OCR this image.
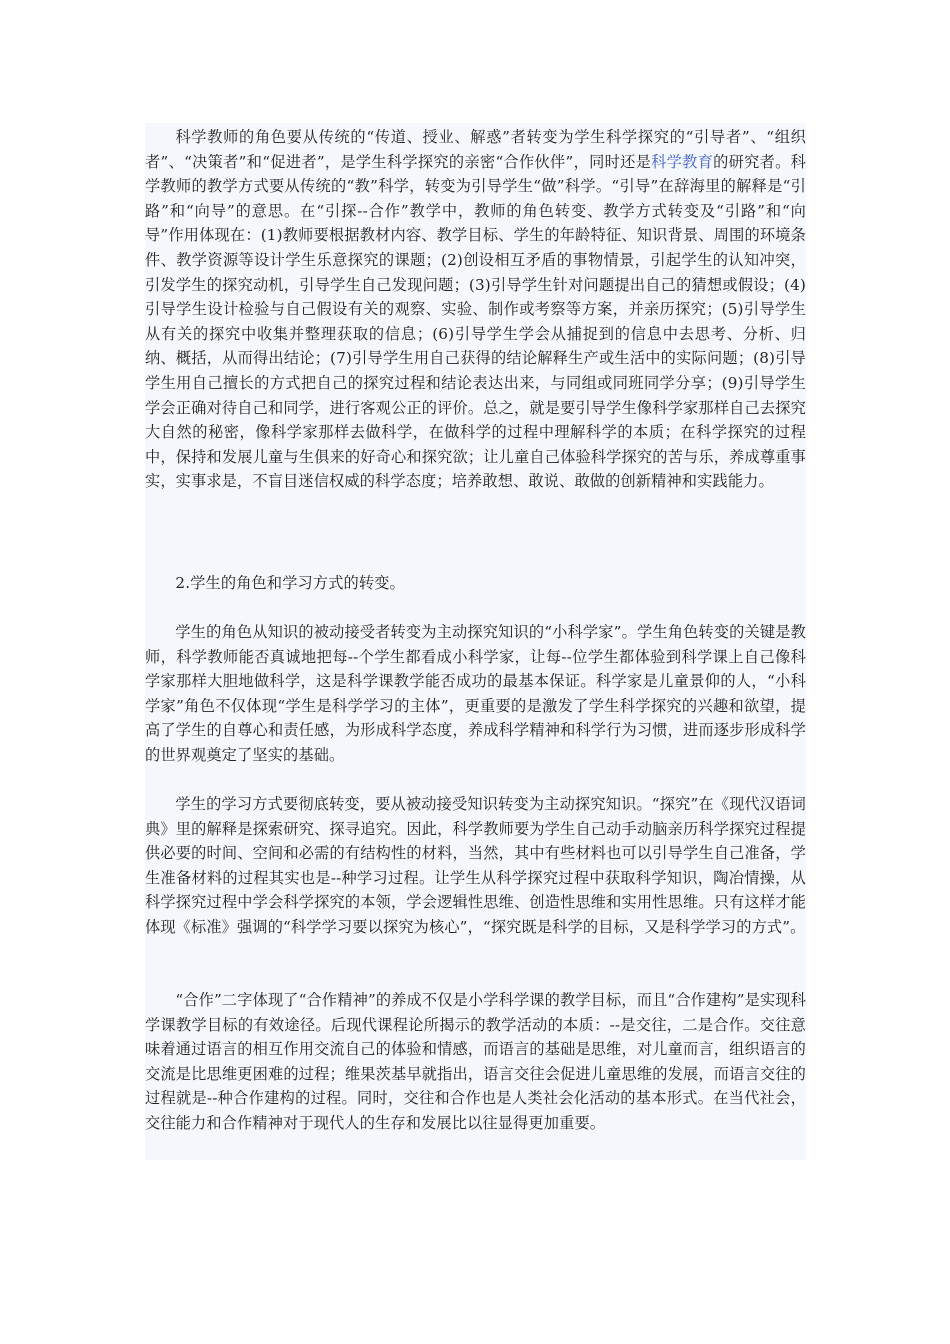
科学教师的角色要从传统的“传道、授业、解惑”者转变为学生科学探究的“引导者”、“组织者”、“决策者”和“促进者”，是学生科学探究的亲密“合作伙伴”，同时还是科学教育的研究者。科学教师的教学方式要从传统的“教”科学，转变为引导学生“做”科学。“引导”在辞海里的解释是“引路”和“向导”的意思。在“引探--合作”教学中，教师的角色转变、教学方式转变及“引路”和“向导”作用体现在：(1)教师要根据教材内容、教学目标、学生的年龄特征、知识背景、周围的环境条件、教学资源等设计学生乐意探究的课题；(2)创设相互矛盾的事物情景，引起学生的认知冲突，引发学生的探究动机，引导学生自己发现问题；(3)引导学生针对问题提出自己的猜想或假设；(4)引导学生设计检验与自己假设有关的观察、实验、制作或考察等方案，并亲历探究；(5)引导学生从有关的探究中收集并整理获取的信息；(6)引导学生学会从捕捉到的信息中去思考、分析、归纳、概括，从而得出结论；(7)引导学生用自己获得的结论解释生产或生活中的实际问题；(8)引导学生用自己擅长的方式把自己的探究过程和结论表达出来，与同组或同班同学分享；(9)引导学生学会正确对待自己和同学，进行客观公正的评价。总之，就是要引导学生像科学家那样自己去探究大自然的秘密，像科学家那样去做科学，在做科学的过程中理解科学的本质；在科学探究的过程中，保持和发展儿童与生俱来的好奇心和探究欲；让儿童自己体验科学探究的苦与乐，养成尊重事实，实事求是，不盲目迷信权威的科学态度；培养敢想、敢说、敢做的创新精神和实践能力。

2.学生的角色和学习方式的转变。

学生的角色从知识的被动接受者转变为主动探究知识的“小科学家”。学生角色转变的关键是教师，科学教师能否真诚地把每--个学生都看成小科学家，让每--位学生都体验到科学课上自己像科学家那样大胆地做科学，这是科学课教学能否成功的最基本保证。科学家是儿童景仰的人，“小科学家”角色不仅体现“学生是科学学习的主体”，更重要的是激发了学生科学探究的兴趣和欲望，提高了学生的自尊心和责任感，为形成科学态度，养成科学精神和科学行为习惯，进而逐步形成科学的世界观奠定了坚实的基础。

学生的学习方式要彻底转变，要从被动接受知识转变为主动探究知识。“探究”在《现代汉语词典》里的解释是探索研究、探寻追究。因此，科学教师要为学生自己动手动脑亲历科学探究过程提供必要的时间、空间和必需的有结构性的材料，当然，其中有些材料也可以引导学生自己准备，学生准备材料的过程其实也是--种学习过程。让学生从科学探究过程中获取科学知识，陶冶情操，从科学探究过程中学会科学探究的本领，学会逻辑性思维、创造性思维和实用性思维。只有这样才能体现《标准》强调的“科学学习要以探究为核心”，“探究既是科学的目标，又是科学学习的方式”。

“合作”二字体现了“合作精神”的养成不仅是小学科学课的教学目标，而且“合作建构”是实现科学课教学目标的有效途径。后现代课程论所揭示的教学活动的本质：--是交往，二是合作。交往意味着通过语言的相互作用交流自己的体验和情感，而语言的基础是思维，对儿童而言，组织语言的交流是比思维更困难的过程；维果茨基早就指出，语言交往会促进儿童思维的发展，而语言交往的过程就是--种合作建构的过程。同时，交往和合作也是人类社会化活动的基本形式。在当代社会，交往能力和合作精神对于现代人的生存和发展比以往显得更加重要。
